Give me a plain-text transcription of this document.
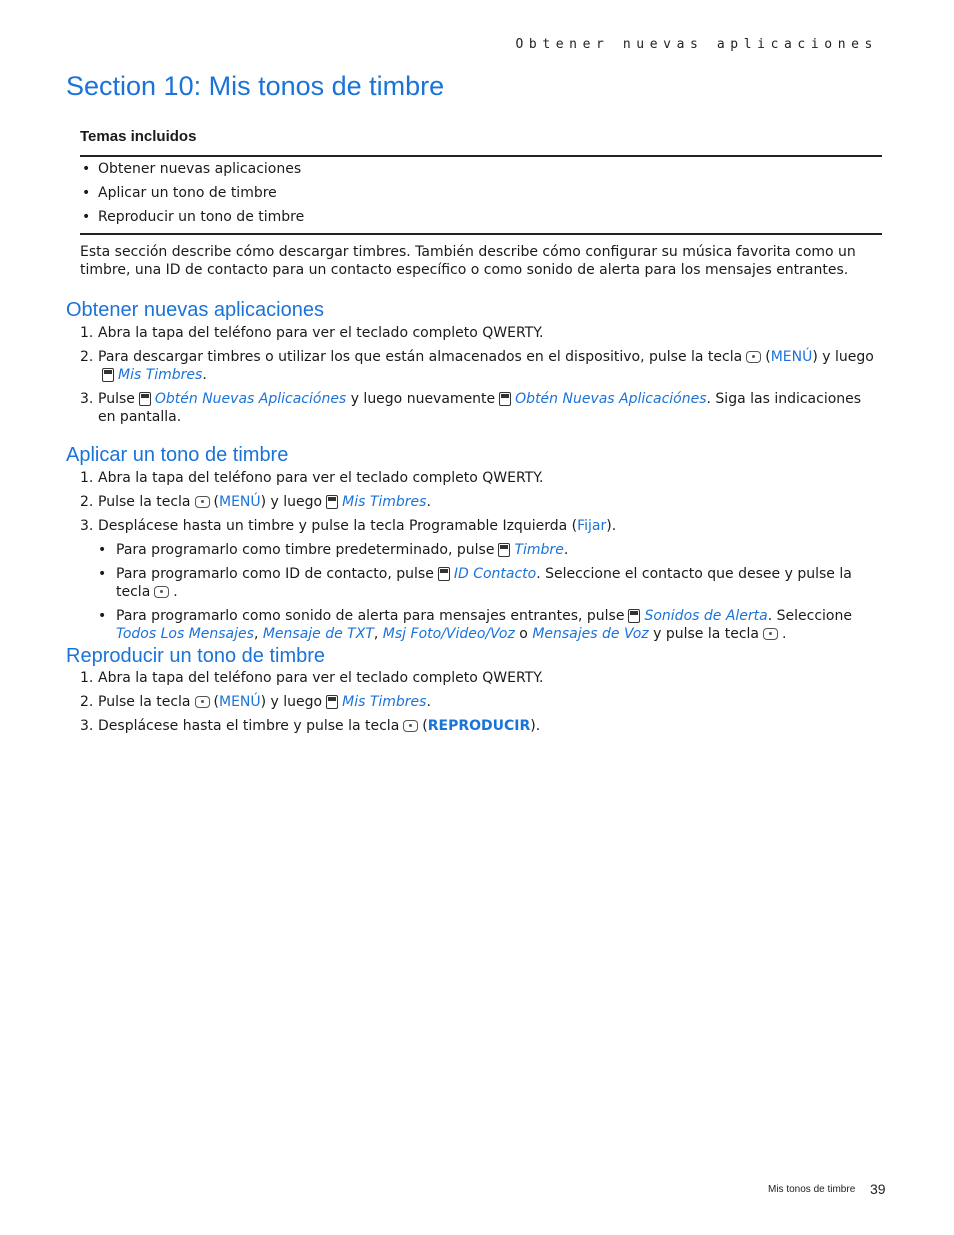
Obtener nuevas aplicaciones
Section 10: Mis tonos de timbre
Temas incluidos
• Obtener nuevas aplicaciones
• Aplicar un tono de timbre
• Reproducir un tono de timbre

Esta sección describe cómo descargar timbres. También describe cómo configurar su música favorita como un timbre, una ID de contacto para un contacto específico o como sonido de alerta para los mensajes entrantes.

Obtener nuevas aplicaciones
1. Abra la tapa del teléfono para ver el teclado completo QWERTY.
2. Para descargar timbres o utilizar los que están almacenados en el dispositivo, pulse la tecla (MENÚ) y luegoMis Timbres.
3. Pulse Obtén Nuevas Aplicaciónes y luego nuevamente Obtén Nuevas Aplicaciónes. Siga las indicaciones en pantalla.
Aplicar un tono de timbre
1. Abra la tapa del teléfono para ver el teclado completo QWERTY.
2. Pulse la tecla (MENÚ) y luego Mis Timbres.
3. Desplácese hasta un timbre y pulse la tecla Programable Izquierda (Fijar).
• Para programarlo como timbre predeterminado, pulse Timbre.
• Para programarlo como ID de contacto, pulse ID Contacto. Seleccione el contacto que desee y pulse la tecla .
• Para programarlo como sonido de alerta para mensajes entrantes, pulse Sonidos de Alerta. Seleccione Todos Los Mensajes, Mensaje de TXT, Msj Foto/Video/Voz o Mensajes de Voz y pulse la tecla .
Reproducir un tono de timbre
1. Abra la tapa del teléfono para ver el teclado completo QWERTY.
2. Pulse la tecla (MENÚ) y luego Mis Timbres.
3. Desplácese hasta el timbre y pulse la tecla (REPRODUCIR).
Mis tonos de timbre 39
